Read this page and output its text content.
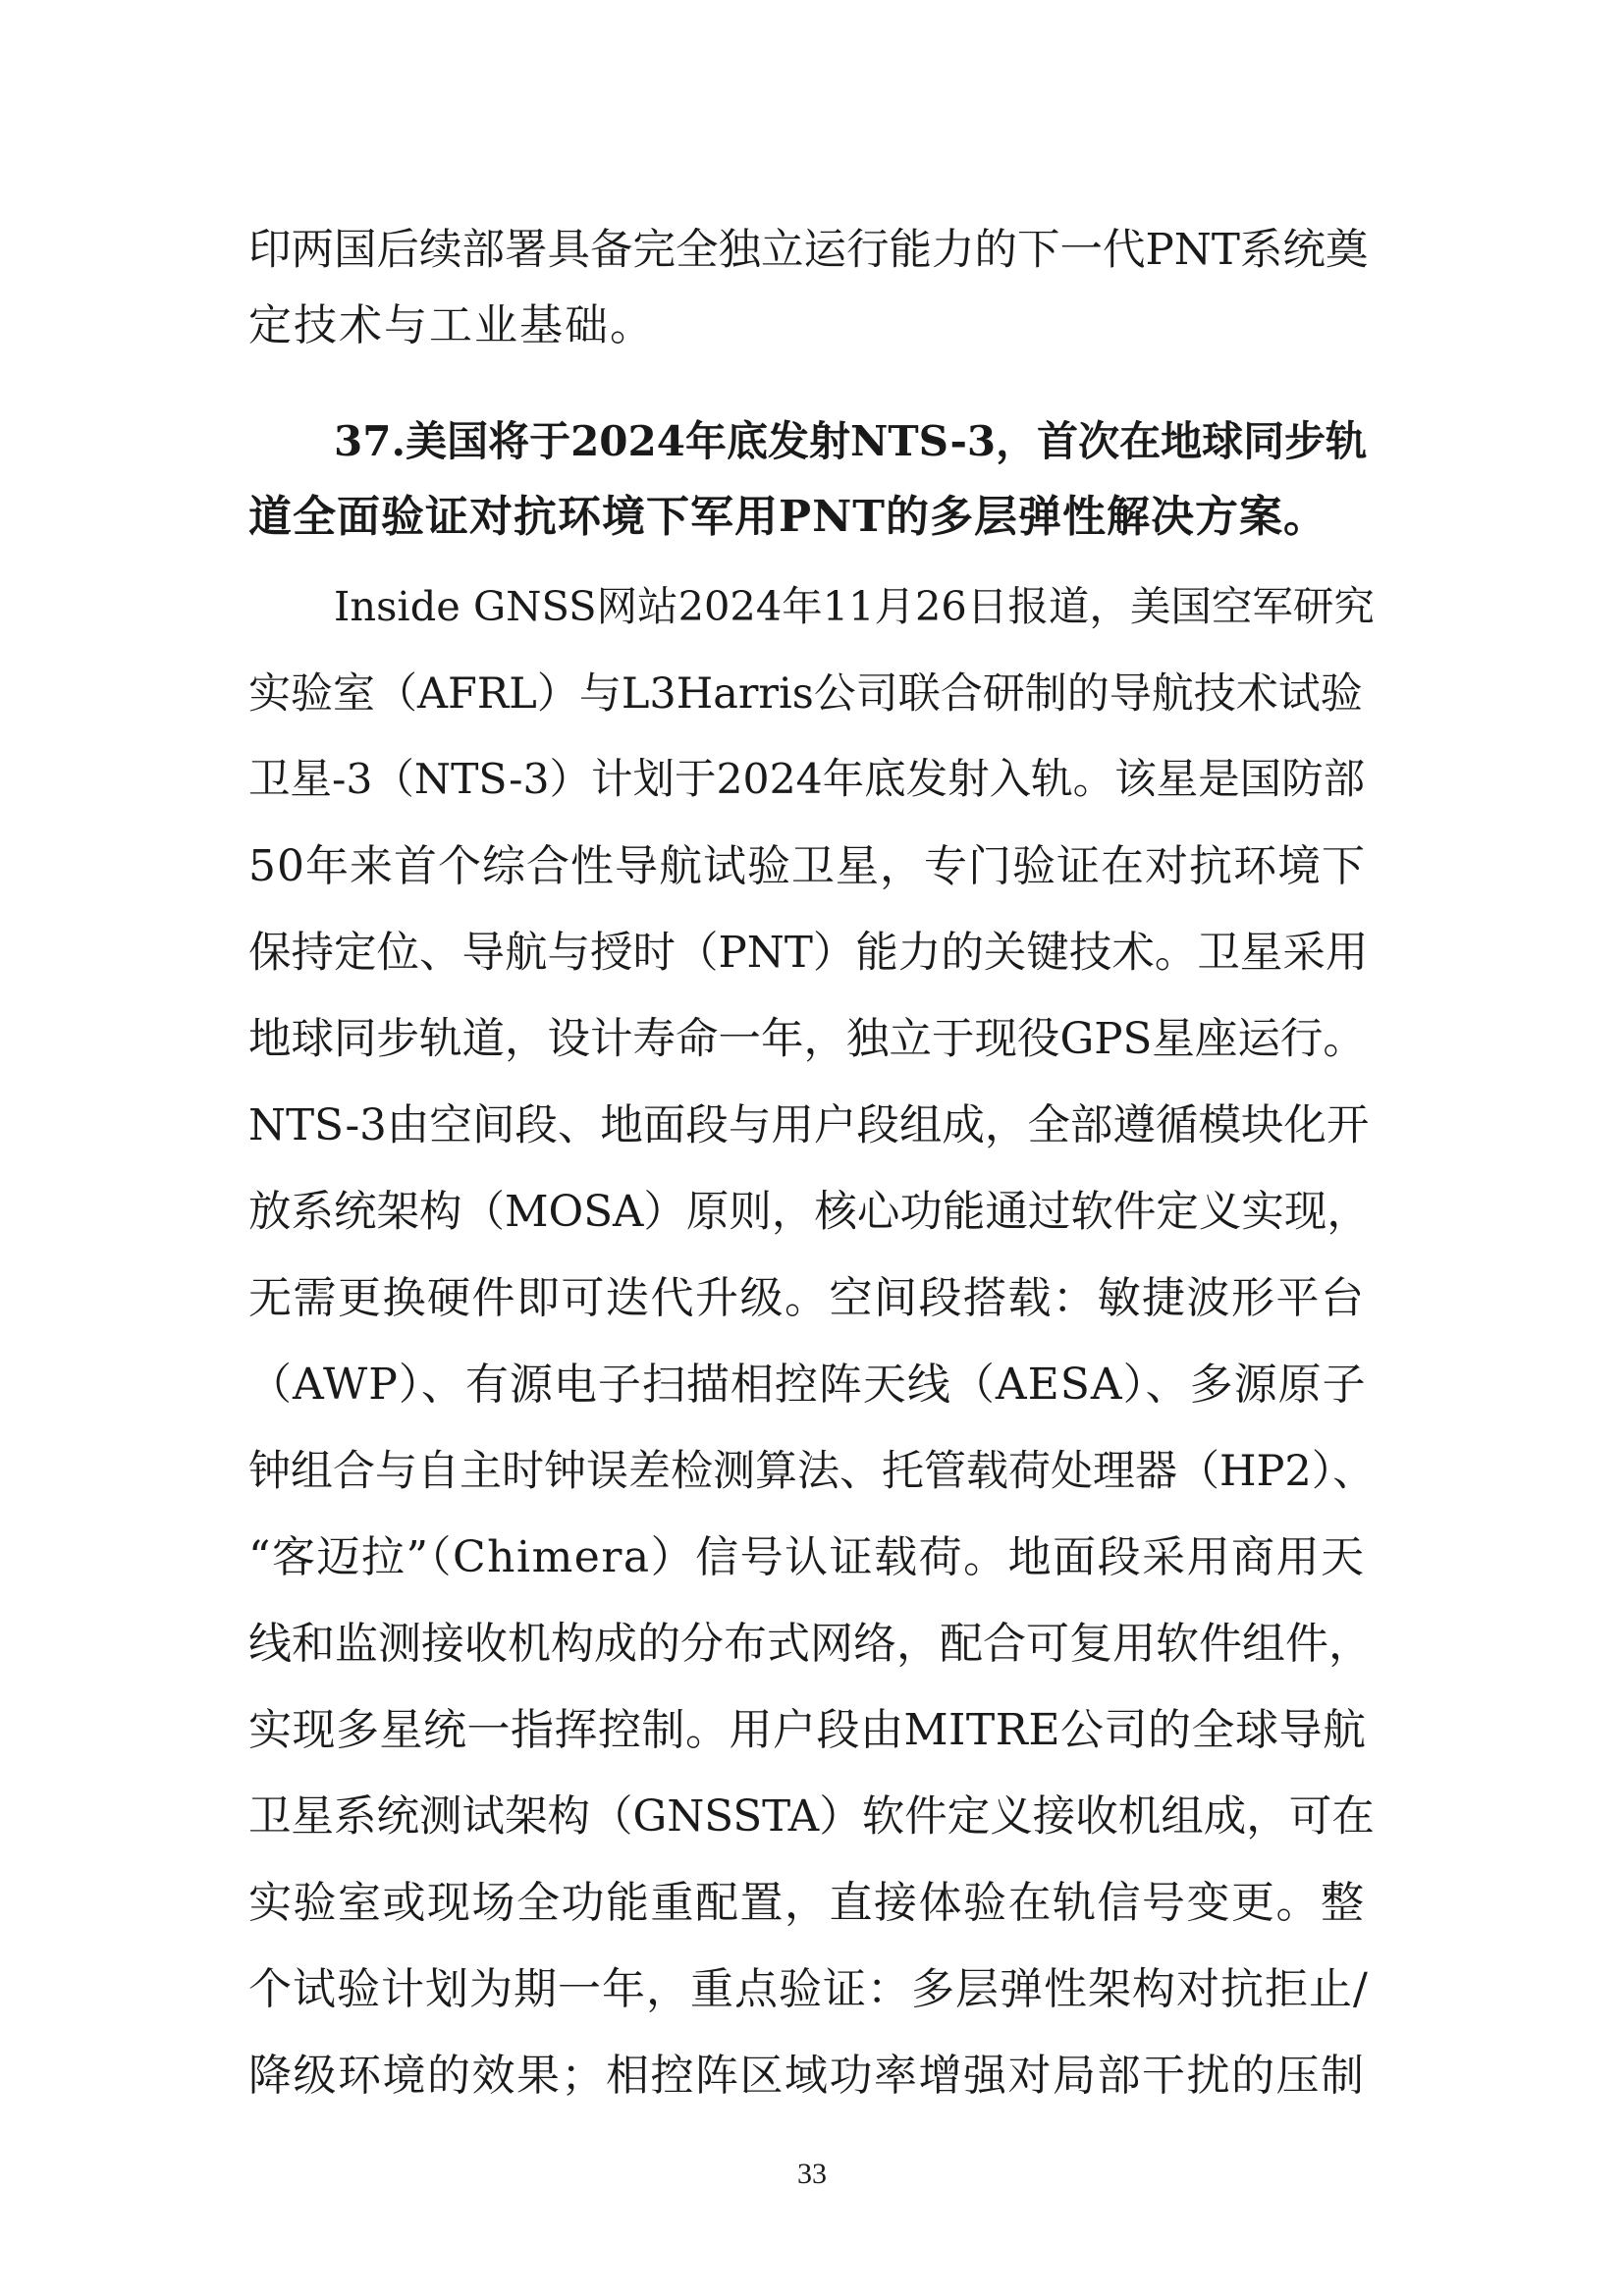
印两国后续部署具备完全独立运行能力的下一代PNT系统奠
定技术与工业基础。
37.美国将于2024年底发射NTS-3，首次在地球同步轨
道全面验证对抗环境下军用PNT的多层弹性解决方案。
Inside GNSS网站2024年11月26日报道，美国空军研究
实验室（AFRL）与L3Harris公司联合研制的导航技术试验
卫星-3（NTS-3）计划于2024年底发射入轨。该星是国防部
50年来首个综合性导航试验卫星，专门验证在对抗环境下
保持定位、导航与授时（PNT）能力的关键技术。卫星采用
地球同步轨道，设计寿命一年，独立于现役GPS星座运行。
NTS-3由空间段、地面段与用户段组成，全部遵循模块化开
放系统架构（MOSA）原则，核心功能通过软件定义实现，
无需更换硬件即可迭代升级。空间段搭载：敏捷波形平台
（AWP）、有源电子扫描相控阵天线（AESA）、多源原子
钟组合与自主时钟误差检测算法、托管载荷处理器（HP2）、
“客迈拉”（Chimera）信号认证载荷。地面段采用商用天
线和监测接收机构成的分布式网络，配合可复用软件组件，
实现多星统一指挥控制。用户段由MITRE公司的全球导航
卫星系统测试架构（GNSSTA）软件定义接收机组成，可在
实验室或现场全功能重配置，直接体验在轨信号变更。整
个试验计划为期一年，重点验证：多层弹性架构对抗拒止/
降级环境的效果；相控阵区域功率增强对局部干扰的压制
33
